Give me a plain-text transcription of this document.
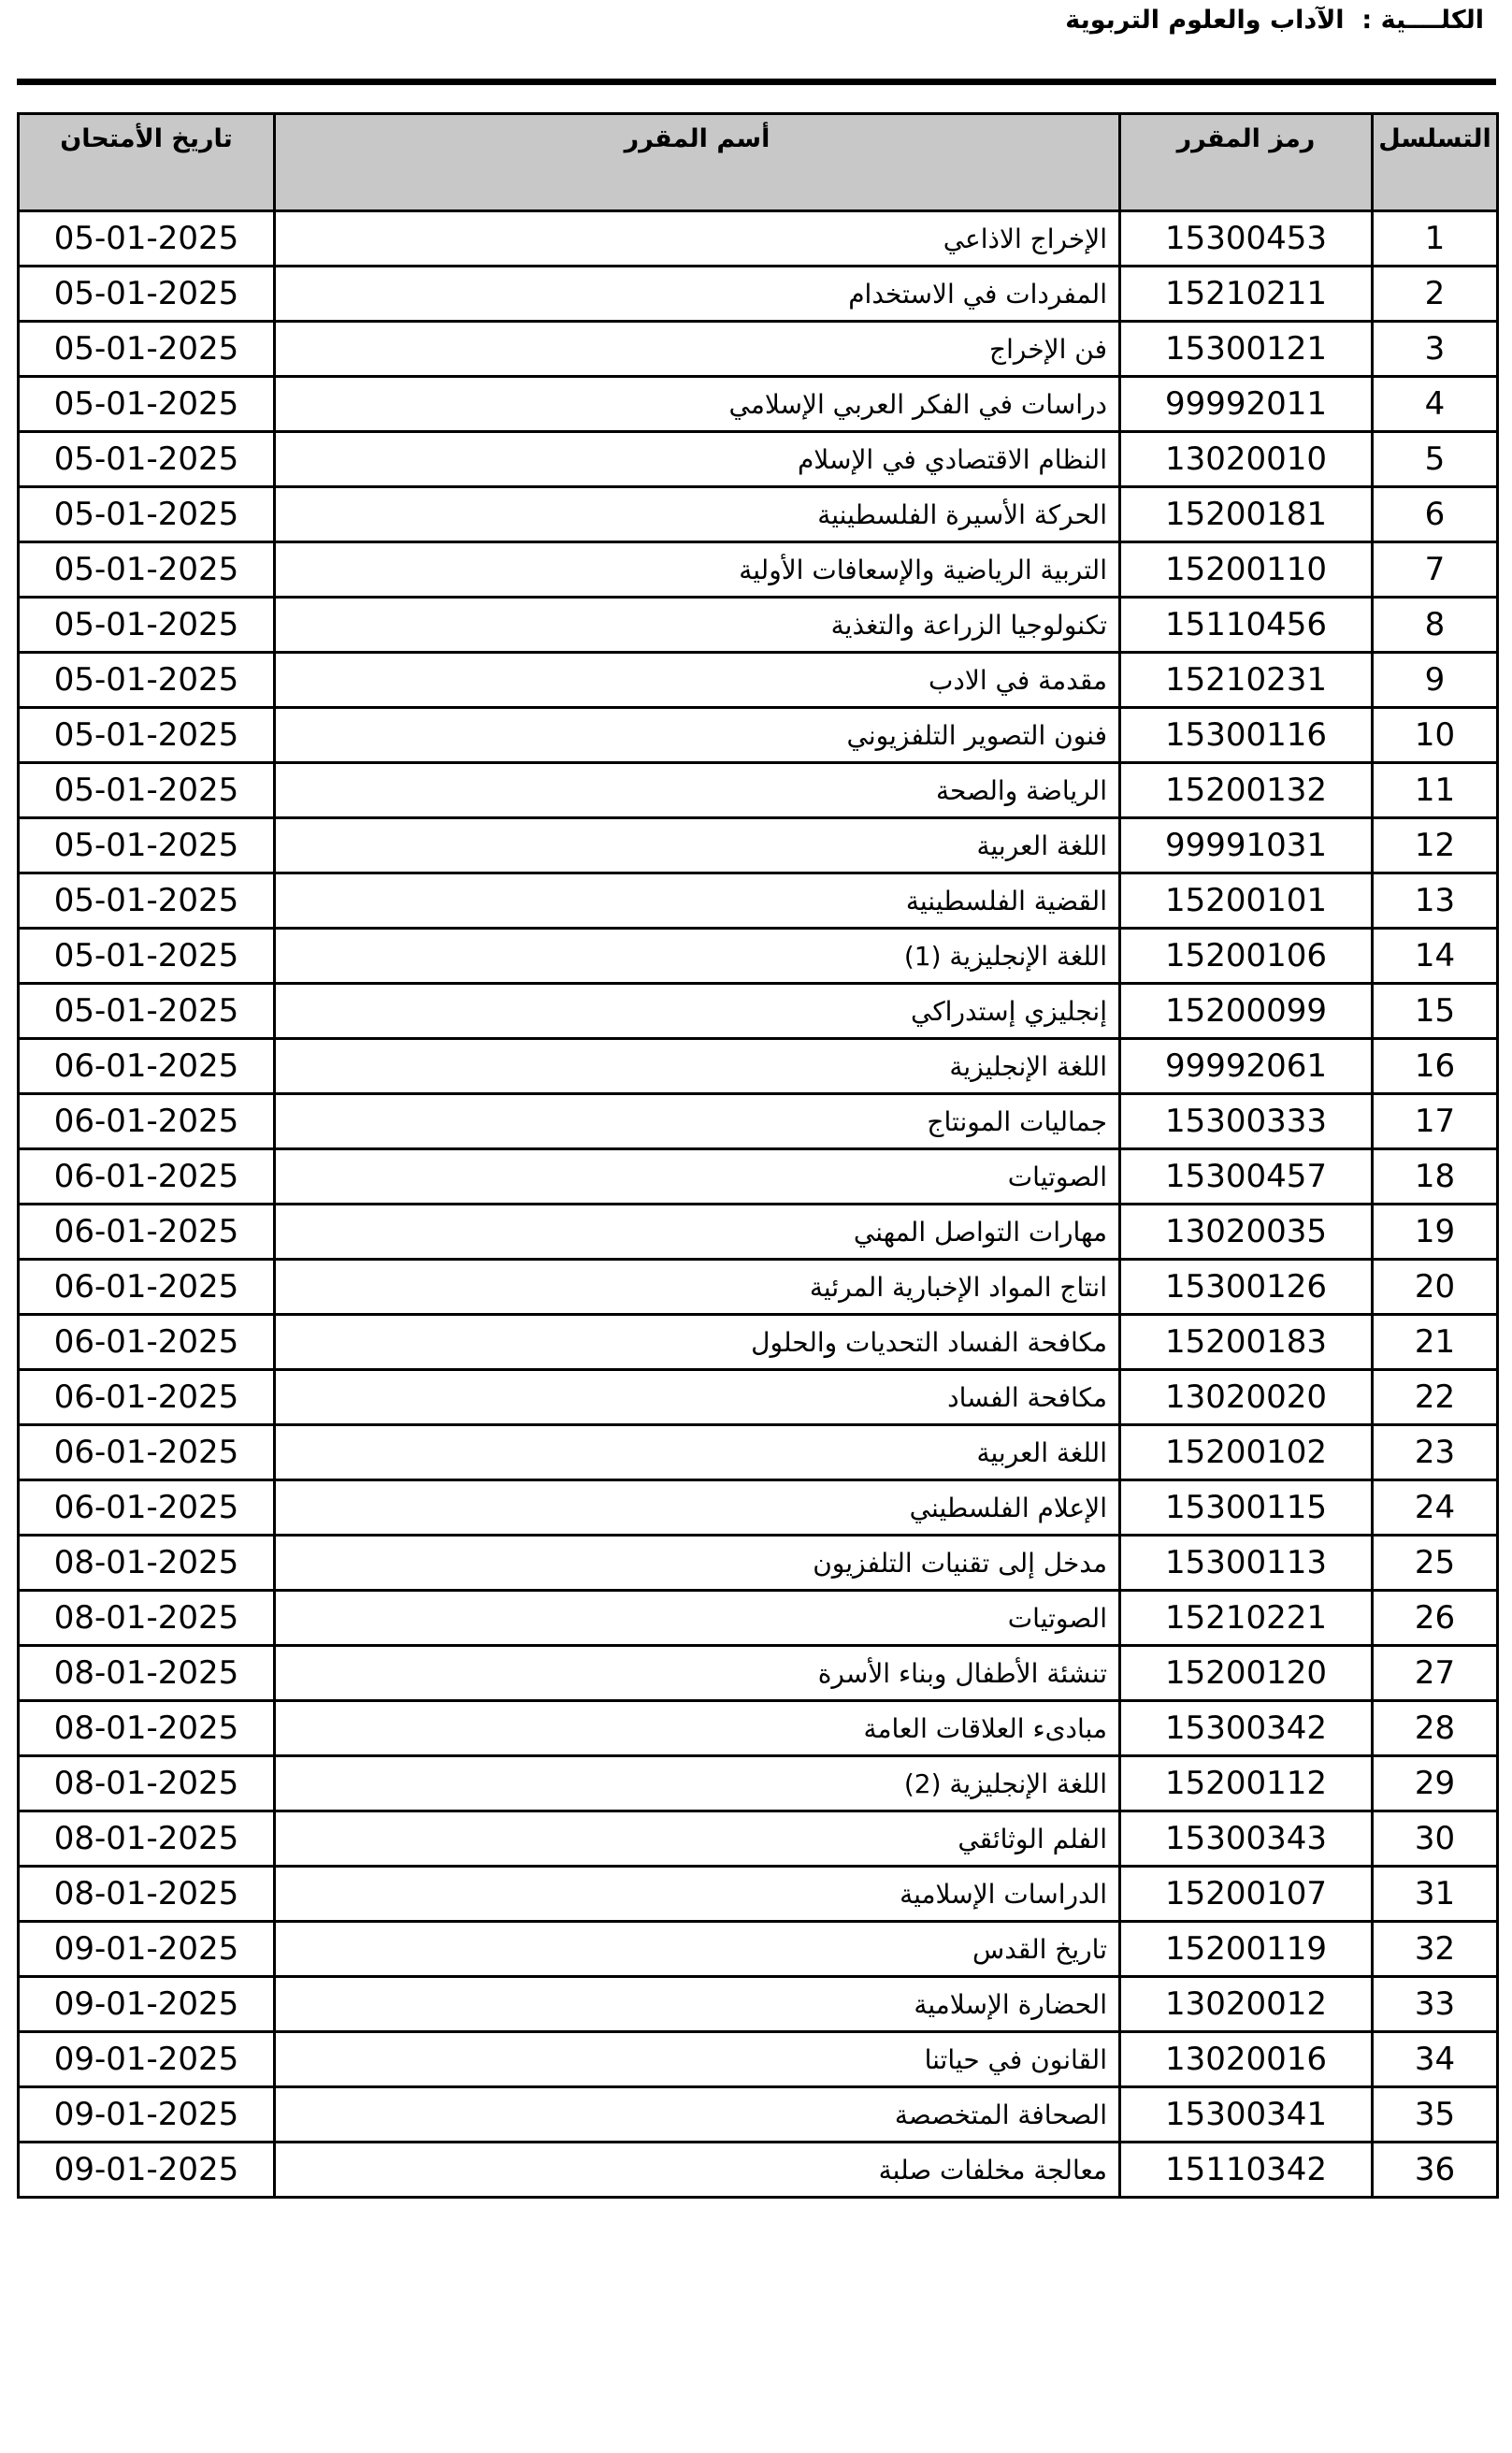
الكلــــية :  الآداب والعلوم التربوية
التسلسل	رمز المقرر	أسم المقرر	تاريخ الأمتحان
1	15300453	الإخراج الاذاعي	05-01-2025
2	15210211	المفردات في الاستخدام	05-01-2025
3	15300121	فن الإخراج	05-01-2025
4	99992011	دراسات في الفكر العربي الإسلامي	05-01-2025
5	13020010	النظام الاقتصادي في الإسلام	05-01-2025
6	15200181	الحركة الأسيرة الفلسطينية	05-01-2025
7	15200110	التربية الرياضية والإسعافات الأولية	05-01-2025
8	15110456	تكنولوجيا الزراعة والتغذية	05-01-2025
9	15210231	مقدمة في الادب	05-01-2025
10	15300116	فنون التصوير التلفزيوني	05-01-2025
11	15200132	الرياضة والصحة	05-01-2025
12	99991031	اللغة العربية	05-01-2025
13	15200101	القضية الفلسطينية	05-01-2025
14	15200106	اللغة الإنجليزية (1)	05-01-2025
15	15200099	إنجليزي إستدراكي	05-01-2025
16	99992061	اللغة الإنجليزية	06-01-2025
17	15300333	جماليات المونتاج	06-01-2025
18	15300457	الصوتيات	06-01-2025
19	13020035	مهارات التواصل المهني	06-01-2025
20	15300126	انتاج المواد الإخبارية المرئية	06-01-2025
21	15200183	مكافحة الفساد التحديات والحلول	06-01-2025
22	13020020	مكافحة الفساد	06-01-2025
23	15200102	اللغة العربية	06-01-2025
24	15300115	الإعلام الفلسطيني	06-01-2025
25	15300113	مدخل إلى تقنيات التلفزيون	08-01-2025
26	15210221	الصوتيات	08-01-2025
27	15200120	تنشئة الأطفال وبناء الأسرة	08-01-2025
28	15300342	مبادىء العلاقات العامة	08-01-2025
29	15200112	اللغة الإنجليزية (2)	08-01-2025
30	15300343	الفلم الوثائقي	08-01-2025
31	15200107	الدراسات الإسلامية	08-01-2025
32	15200119	تاريخ القدس	09-01-2025
33	13020012	الحضارة الإسلامية	09-01-2025
34	13020016	القانون في حياتنا	09-01-2025
35	15300341	الصحافة المتخصصة	09-01-2025
36	15110342	معالجة مخلفات صلبة	09-01-2025
